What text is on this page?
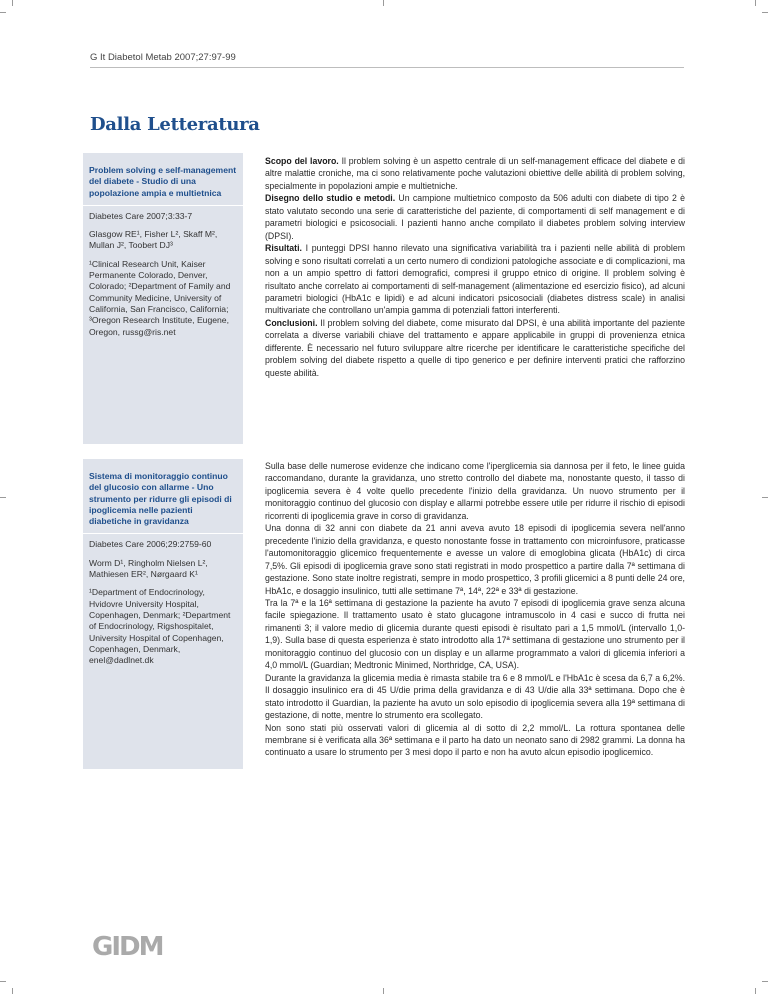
G It Diabetol Metab 2007;27:97-99
Dalla Letteratura
Problem solving e self-management del diabete - Studio di una popolazione ampia e multietnica
Diabetes Care 2007;3:33-7
Glasgow RE¹, Fisher L², Skaff M², Mullan J², Toobert DJ³
¹Clinical Research Unit, Kaiser Permanente Colorado, Denver, Colorado; ²Department of Family and Community Medicine, University of California, San Francisco, California; ³Oregon Research Institute, Eugene, Oregon, russg@ris.net

Scopo del lavoro. Il problem solving è un aspetto centrale di un self-management efficace del diabete e di altre malattie croniche, ma ci sono relativamente poche valutazioni obiettive delle abilità di problem solving, specialmente in popolazioni ampie e multietniche.

Disegno dello studio e metodi. Un campione multietnico composto da 506 adulti con diabete di tipo 2 è stato valutato secondo una serie di caratteristiche del paziente, di comportamenti di self management e di parametri biologici e psicosociali. I pazienti hanno anche compilato il diabetes problem solving interview (DPSI).

Risultati. I punteggi DPSI hanno rilevato una significativa variabilità tra i pazienti nelle abilità di problem solving e sono risultati correlati a un certo numero di condizioni patologiche associate e di complicazioni, ma non a un ampio spettro di fattori demografici, compresi il gruppo etnico di origine. Il problem solving è risultato anche correlato ai comportamenti di self-management (alimentazione ed esercizio fisico), ad alcuni parametri biologici (HbA1c e lipidi) e ad alcuni indicatori psicosociali (diabetes distress scale) in analisi multivariate che controllano un'ampia gamma di potenziali fattori interferenti.

Conclusioni. Il problem solving del diabete, come misurato dal DPSI, è una abilità importante del paziente correlata a diverse variabili chiave del trattamento e appare applicabile in gruppi di provenienza etnica differente. È necessario nel futuro sviluppare altre ricerche per identificare le caratteristiche specifiche del problem solving del diabete rispetto a quelle di tipo generico e per definire interventi pratici che rafforzino queste abilità.

Sistema di monitoraggio continuo del glucosio con allarme - Uno strumento per ridurre gli episodi di ipoglicemia nelle pazienti diabetiche in gravidanza
Diabetes Care 2006;29:2759-60
Worm D¹, Ringholm Nielsen L², Mathiesen ER², Nørgaard K¹
¹Department of Endocrinology, Hvidovre University Hospital, Copenhagen, Denmark; ²Department of Endocrinology, Rigshospitalet, University Hospital of Copenhagen, Copenhagen, Denmark, enel@dadlnet.dk

Sulla base delle numerose evidenze che indicano come l'iperglicemia sia dannosa per il feto, le linee guida raccomandano, durante la gravidanza, uno stretto controllo del diabete ma, nonostante questo, il tasso di ipoglicemia severa è 4 volte quello precedente l'inizio della gravidanza. Un nuovo strumento per il monitoraggio continuo del glucosio con display e allarmi potrebbe essere utile per ridurre il rischio di episodi ricorrenti di ipoglicemia grave in corso di gravidanza.

Una donna di 32 anni con diabete da 21 anni aveva avuto 18 episodi di ipoglicemia severa nell'anno precedente l'inizio della gravidanza, e questo nonostante fosse in trattamento con microinfusore, praticasse l'automonitoraggio glicemico frequentemente e avesse un valore di emoglobina glicata (HbA1c) di circa 7,5%. Gli episodi di ipoglicemia grave sono stati registrati in modo prospettico a partire dalla 7ª settimana di gestazione. Sono state inoltre registrati, sempre in modo prospettico, 3 profili glicemici a 8 punti delle 24 ore, HbA1c, e dosaggio insulinico, tutti alle settimane 7ª, 14ª, 22ª e 33ª di gestazione.

Tra la 7ª e la 16ª settimana di gestazione la paziente ha avuto 7 episodi di ipoglicemia grave senza alcuna facile spiegazione. Il trattamento usato è stato glucagone intramuscolo in 4 casi e succo di frutta nei rimanenti 3; il valore medio di glicemia durante questi episodi è risultato pari a 1,5 mmol/L (intervallo 1,0-1,9). Sulla base di questa esperienza è stato introdotto alla 17ª settimana di gestazione uno strumento per il monitoraggio continuo del glucosio con un display e un allarme programmato a valori di glicemia inferiori a 4,0 mmol/L (Guardian; Medtronic Minimed, Northridge, CA, USA).

Durante la gravidanza la glicemia media è rimasta stabile tra 6 e 8 mmol/L e l'HbA1c è scesa da 6,7 a 6,2%. Il dosaggio insulinico era di 45 U/die prima della gravidanza e di 43 U/die alla 33ª settimana. Dopo che è stato introdotto il Guardian, la paziente ha avuto un solo episodio di ipoglicemia severa alla 19ª settimana di gestazione, di notte, mentre lo strumento era scollegato.

Non sono stati più osservati valori di glicemia al di sotto di 2,2 mmol/L. La rottura spontanea delle membrane si è verificata alla 36ª settimana e il parto ha dato un neonato sano di 2982 grammi. La donna ha continuato a usare lo strumento per 3 mesi dopo il parto e non ha avuto alcun episodio ipoglicemico.

GIDM
